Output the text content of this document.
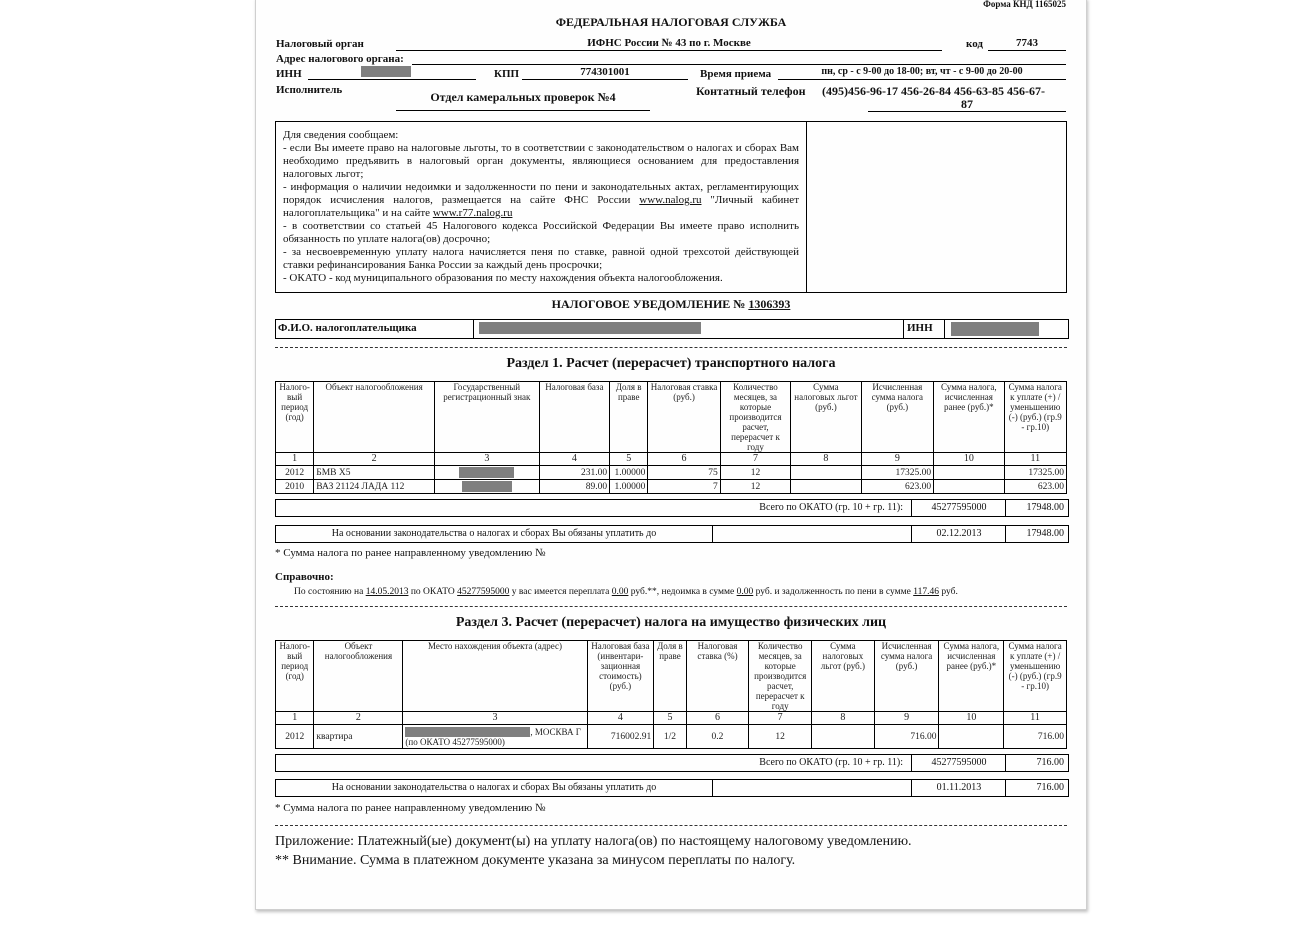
Форма КНД 1165025
ФЕДЕРАЛЬНАЯ НАЛОГОВАЯ СЛУЖБА
Налоговый орган	ИФНС России № 43 по г. Москве	код	7743
Адрес налогового органа:
ИНН	КПП	774301001	Время приема	пн, ср - с 9-00 до 18-00; вт, чт - с 9-00 до 20-00
Исполнитель	Отдел камеральных проверок №4	Контатный телефон (495)456-96-17 456-26-84 456-63-85 456-67-
87
Для сведения сообщаем:
- если Вы имеете право на налоговые льготы, то в соответствии с законодательством о налогах и сборах Вам необходимо предъявить в налоговый орган документы, являющиеся основанием для предоставления налоговых льгот;
- информация о наличии недоимки и задолженности по пени и законодательных актах, регламентирующих порядок исчисления налогов, размещается на сайте ФНС России www.nalog.ru "Личный кабинет налогоплательщика" и на сайте www.r77.nalog.ru
- в соответствии со статьей 45 Налогового кодекса Российской Федерации Вы имеете право исполнить обязанность по уплате налога(ов) досрочно;
- за несвоевременную уплату налога начисляется пеня по ставке, равной одной трехсотой действующей ставки рефинансирования Банка России за каждый день просрочки;
- ОКАТО - код муниципального образования по месту нахождения объекта налогообложения.
НАЛОГОВОЕ УВЕДОМЛЕНИЕ № 1306393
Ф.И.О. налогоплательщика	ИНН
Раздел 1. Расчет (перерасчет) транспортного налога
Налого-вый период (год)	Объект налогообложения	Государственный регистрационный знак	Налоговая база	Доля в праве	Налоговая ставка (руб.)	Количество месяцев, за которые производится расчет, перерасчет к году	Сумма налоговых льгот (руб.)	Исчисленная сумма налога (руб.)	Сумма налога, исчисленная ранее (руб.)*	Сумма налога к уплате (+) / уменьшению (-) (руб.) (гр.9 - гр.10)
1	2	3	4	5	6	7	8	9	10	11
2012	БМВ X5		231.00	1.00000	75	12		17325.00		17325.00
2010	ВАЗ 21124 ЛАДА 112		89.00	1.00000	7	12		623.00		623.00
Всего по ОКАТО (гр. 10 + гр. 11):	45277595000	17948.00
На основании законодательства о налогах и сборах Вы обязаны уплатить до	02.12.2013	17948.00
* Сумма налога по ранее направленному уведомлению №
Справочно:
По состоянию на 14.05.2013 по ОКАТО 45277595000 у вас имеется переплата 0.00 руб.**, недоимка в сумме 0.00 руб. и задолженность по пени в сумме 117.46 руб.
Раздел 3. Расчет (перерасчет) налога на имущество физических лиц
Налого-вый период (год)	Объект налогообложения	Место нахождения объекта (адрес)	Налоговая база (инвентари-зационная стоимость) (руб.)	Доля в праве	Налоговая ставка (%)	Количество месяцев, за которые производится расчет, перерасчет к году	Сумма налоговых льгот (руб.)	Исчисленная сумма налога (руб.)	Сумма налога, исчисленная ранее (руб.)*	Сумма налога к уплате (+) / уменьшению (-) (руб.) (гр.9 - гр.10)
1	2	3	4	5	6	7	8	9	10	11
2012	квартира	, МОСКВА Г
(по ОКАТО 45277595000)	716002.91	1/2	0.2	12		716.00		716.00
Всего по ОКАТО (гр. 10 + гр. 11):	45277595000	716.00
На основании законодательства о налогах и сборах Вы обязаны уплатить до	01.11.2013	716.00
* Сумма налога по ранее направленному уведомлению №
Приложение: Платежный(ые) документ(ы) на уплату налога(ов) по настоящему налоговому уведомлению.
** Внимание. Сумма в платежном документе указана за минусом переплаты по налогу.
